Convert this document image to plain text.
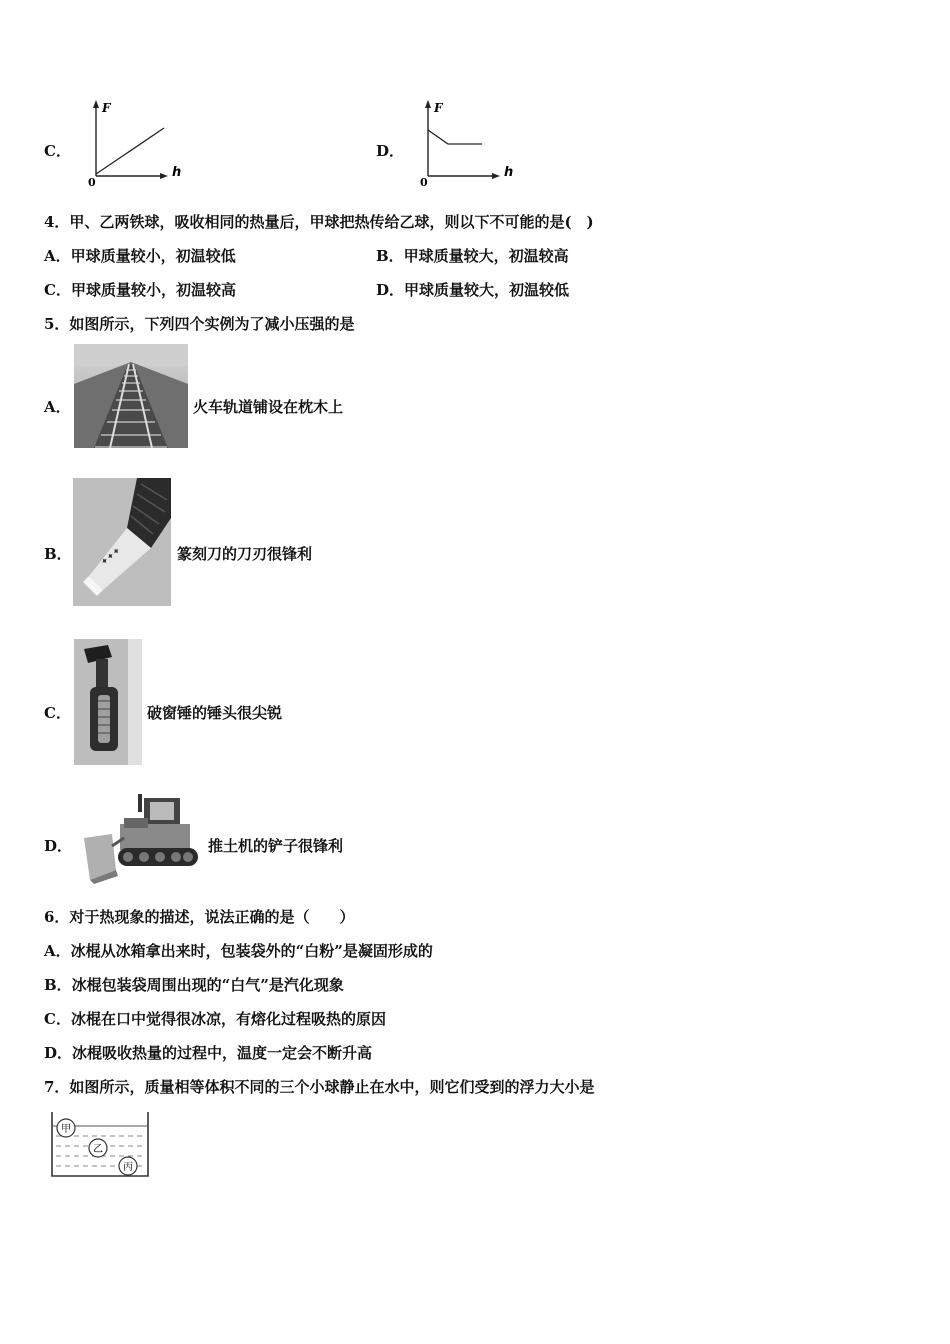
C．
F
h
0
D．
F
h
0
4．甲、乙两铁球，吸收相同的热量后，甲球把热传给乙球，则以下不可能的是(　)
A．甲球质量较小，初温较低	B．甲球质量较大，初温较高
C．甲球质量较小，初温较高	D．甲球质量较大，初温较低
5．如图所示，下列四个实例为了减小压强的是
A．	火车轨道铺设在枕木上
B．	✦✦✦	篆刻刀的刀刃很锋利
C．	破窗锤的锤头很尖锐
D．	推土机的铲子很锋利
6．对于热现象的描述，说法正确的是（　　）
A．冰棍从冰箱拿出来时，包装袋外的“白粉”是凝固形成的
B．冰棍包装袋周围出现的“白气”是汽化现象
C．冰棍在口中觉得很冰凉，有熔化过程吸热的原因
D．冰棍吸收热量的过程中，温度一定会不断升高
7．如图所示，质量相等体积不同的三个小球静止在水中，则它们受到的浮力大小是
甲
乙
丙
